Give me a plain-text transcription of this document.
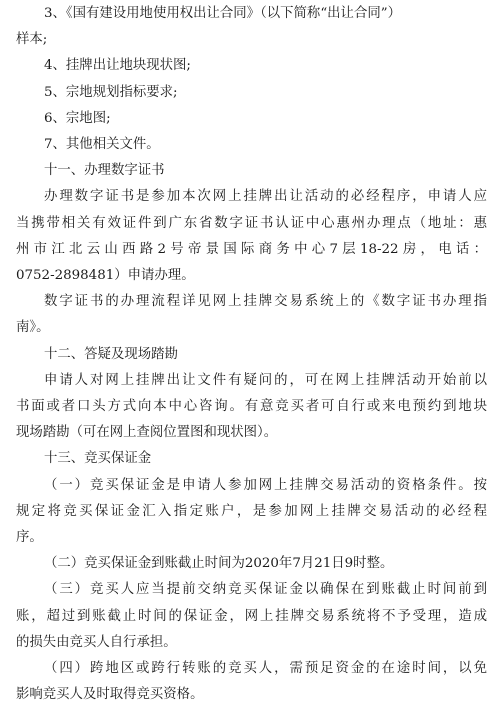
3、《国有建设用地使用权出让合同》（以下简称“出让合同”）
样本;
4、挂牌出让地块现状图;
5、宗地规划指标要求;
6、宗地图;
7、其他相关文件。
十一、办理数字证书
办理数字证书是参加本次网上挂牌出让活动的必经程序，申请人应
当携带相关有效证件到广东省数字证书认证中心惠州办理点（地址：惠
州市江北云山西路2号帝景国际商务中心7层18-22房，电话：
0752-2898481）申请办理。
数字证书的办理流程详见网上挂牌交易系统上的《数字证书办理指
南》。
十二、答疑及现场踏勘
申请人对网上挂牌出让文件有疑问的，可在网上挂牌活动开始前以
书面或者口头方式向本中心咨询。有意竞买者可自行或来电预约到地块
现场踏勘（可在网上查阅位置图和现状图）。
十三、竞买保证金
（一）竞买保证金是申请人参加网上挂牌交易活动的资格条件。按
规定将竞买保证金汇入指定账户，是参加网上挂牌交易活动的必经程
序。
（二）竞买保证金到账截止时间为2020年7月21日9时整。
（三）竞买人应当提前交纳竞买保证金以确保在到账截止时间前到
账，超过到账截止时间的保证金，网上挂牌交易系统将不予受理，造成
的损失由竞买人自行承担。
（四）跨地区或跨行转账的竞买人，需预足资金的在途时间，以免
影响竞买人及时取得竞买资格。
